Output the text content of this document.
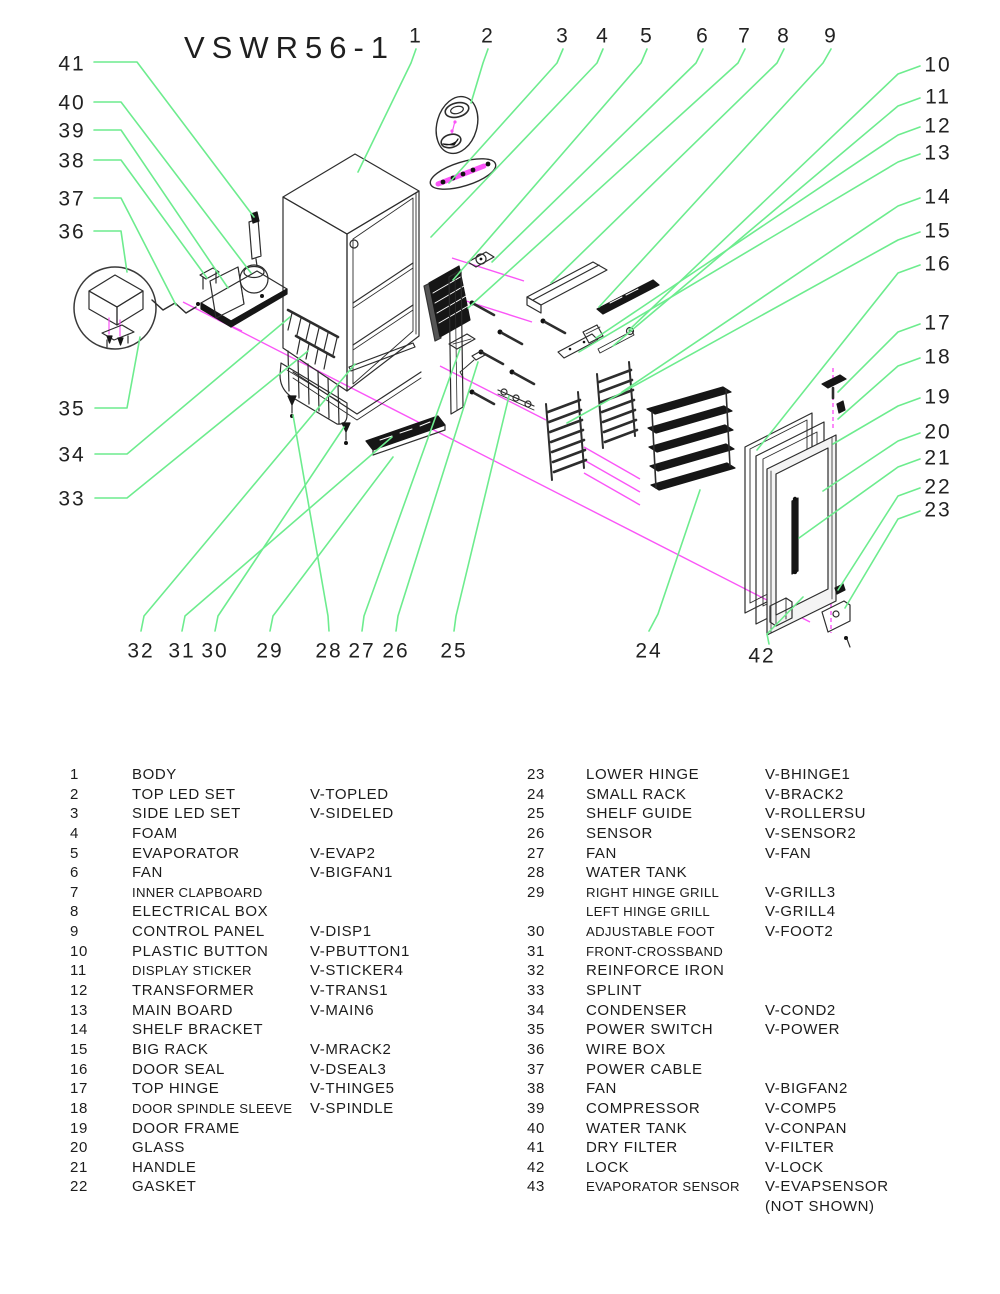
VSWR56-1 1	2	3 4 5 6 7 8 9
10
11
12
13
14
15
16
17
18
19
20
21
22
23
24
25
26
27
28
29
30
31
32
33
34
35
36
37
38
39
40
41
42
1	BODY
2	TOP LED SET	V-TOPLED
3	SIDE LED SET	V-SIDELED
4	FOAM
5	EVAPORATOR	V-EVAP2
6	FAN	V-BIGFAN1
7	INNER CLAPBOARD
8	ELECTRICAL BOX
9	CONTROL PANEL	V-DISP1
10	PLASTIC BUTTON	V-PBUTTON1
11	DISPLAY STICKER	V-STICKER4
12	TRANSFORMER	V-TRANS1
13	MAIN BOARD	V-MAIN6
14	SHELF BRACKET
15	BIG RACK	V-MRACK2
16	DOOR SEAL	V-DSEAL3
17	TOP HINGE	V-THINGE5
18	DOOR SPINDLE SLEEVE	V-SPINDLE
19	DOOR FRAME
20	GLASS
21	HANDLE
22	GASKET
23	LOWER HINGE	V-BHINGE1
24	SMALL RACK	V-BRACK2
25	SHELF GUIDE	V-ROLLERSU
26	SENSOR	V-SENSOR2
27	FAN	V-FAN
28	WATER TANK
29	RIGHT HINGE GRILL	V-GRILL3
LEFT HINGE GRILL	V-GRILL4
30	ADJUSTABLE FOOT	V-FOOT2
31	FRONT-CROSSBAND
32	REINFORCE IRON
33	SPLINT
34	CONDENSER	V-COND2
35	POWER SWITCH	V-POWER
36	WIRE BOX
37	POWER CABLE
38	FAN	V-BIGFAN2
39	COMPRESSOR	V-COMP5
40	WATER TANK	V-CONPAN
41	DRY FILTER	V-FILTER
42	LOCK	V-LOCK
43	EVAPORATOR SENSOR	V-EVAPSENSOR
(NOT SHOWN)
